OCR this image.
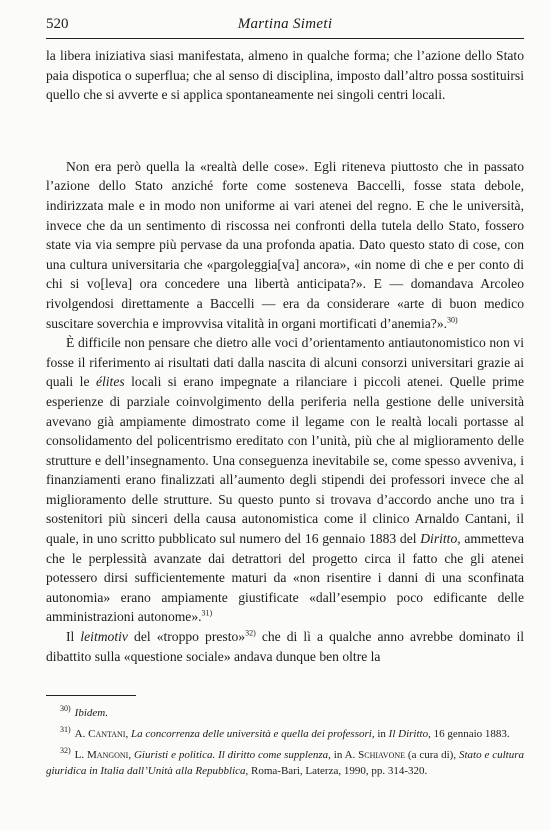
520	Martina Simeti

la libera iniziativa siasi manifestata, almeno in qualche forma; che l’azione dello Stato paia dispotica o superflua; che al senso di disciplina, imposto dall’altro possa sostituirsi quello che si avverte e si applica spontaneamente nei singoli centri locali.

Non era però quella la «realtà delle cose». Egli riteneva piuttosto che in passato l’azione dello Stato anziché forte come sosteneva Baccelli, fosse stata debole, indirizzata male e in modo non uniforme ai vari atenei del regno. E che le università, invece che da un sentimento di riscossa nei confronti della tutela dello Stato, fossero state via via sempre più pervase da una profonda apatia. Dato questo stato di cose, con una cultura universitaria che «pargoleggia[va] ancora», «in nome di che e per conto di chi si vo[leva] ora concedere una libertà anticipata?». E — domandava Arcoleo rivolgendosi direttamente a Baccelli — era da considerare «arte di buon medico suscitare soverchia e improvvisa vitalità in organi mortificati d’anemia?».$^{30)}$

È difficile non pensare che dietro alle voci d’orientamento antiautonomistico non vi fosse il riferimento ai risultati dati dalla nascita di alcuni consorzi universitari grazie ai quali le élites locali si erano impegnate a rilanciare i piccoli atenei. Quelle prime esperienze di parziale coinvolgimento della periferia nella gestione delle università avevano già ampiamente dimostrato come il legame con le realtà locali portasse al consolidamento del policentrismo ereditato con l’unità, più che al miglioramento delle strutture e dell’insegnamento. Una conseguenza inevitabile se, come spesso avveniva, i finanziamenti erano finalizzati all’aumento degli stipendi dei professori invece che al miglioramento delle strutture. Su questo punto si trovava d’accordo anche uno tra i sostenitori più sinceri della causa autonomistica come il clinico Arnaldo Cantani, il quale, in uno scritto pubblicato sul numero del 16 gennaio 1883 del Diritto, ammetteva che le perplessità avanzate dai detrattori del progetto circa il fatto che gli atenei potessero dirsi sufficientemente maturi da «non risentire i danni di una sconfinata autonomia» erano ampiamente giustificate «dall’esempio poco edificante delle amministrazioni autonome».$^{31)}$

Il leitmotiv del «troppo presto»$^{32)}$ che di lì a qualche anno avrebbe dominato il dibattito sulla «questione sociale» andava dunque ben oltre la

$^{30)}$ Ibidem.

$^{31)}$ A. Cantani, La concorrenza delle università e quella dei professori, in Il Diritto, 16 gennaio 1883.

$^{32)}$ L. Mangoni, Giuristi e politica. Il diritto come supplenza, in A. Schiavone (a cura di), Stato e cultura giuridica in Italia dall’Unità alla Repubblica, Roma-Bari, Laterza, 1990, pp. 314-320.
